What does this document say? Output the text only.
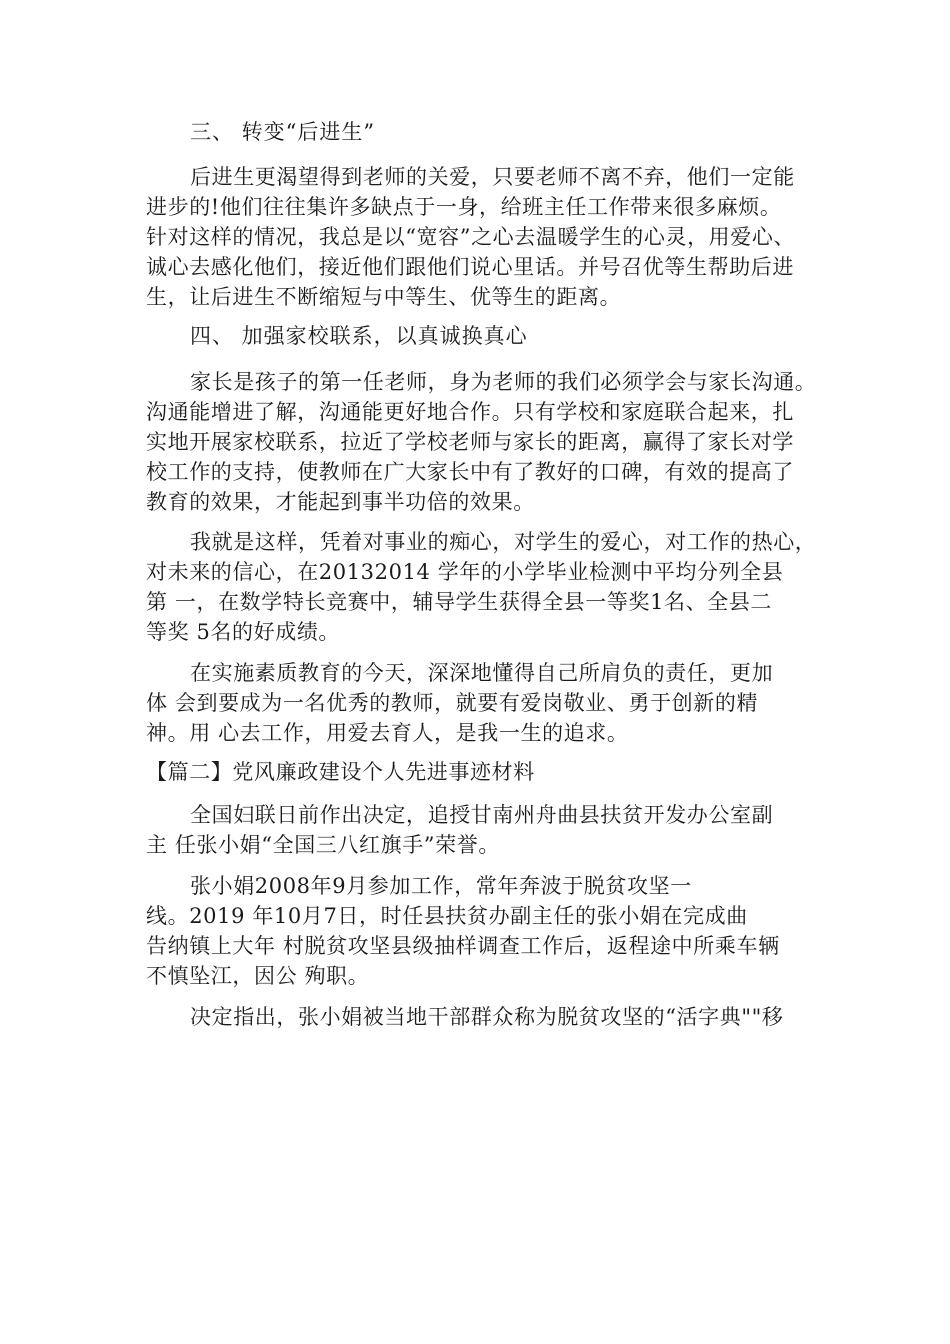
三、 转变“后进生”
后进生更渴望得到老师的关爱，只要老师不离不弃，他们一定能
进步的!他们往往集许多缺点于一身，给班主任工作带来很多麻烦。
针对这样的情况，我总是以“宽容”之心去温暖学生的心灵，用爱心、
诚心去感化他们，接近他们跟他们说心里话。并号召优等生帮助后进
生，让后进生不断缩短与中等生、优等生的距离。
四、 加强家校联系，以真诚换真心
家长是孩子的第一任老师，身为老师的我们必须学会与家长沟通。
沟通能增进了解，沟通能更好地合作。只有学校和家庭联合起来，扎
实地开展家校联系，拉近了学校老师与家长的距离，赢得了家长对学
校工作的支持，使教师在广大家长中有了教好的口碑，有效的提高了
教育的效果，才能起到事半功倍的效果。
我就是这样，凭着对事业的痴心，对学生的爱心，对工作的热心，
对未来的信心，在20132014 学年的小学毕业检测中平均分列全县
第 一，在数学特长竞赛中，辅导学生获得全县一等奖1名、全县二
等奖 5名的好成绩。
在实施素质教育的今天，深深地懂得自己所肩负的责任，更加
体 会到要成为一名优秀的教师，就要有爱岗敬业、勇于创新的精
神。用 心去工作，用爱去育人，是我一生的追求。
【篇二】党风廉政建设个人先进事迹材料
全国妇联日前作出决定，追授甘南州舟曲县扶贫开发办公室副
主 任张小娟“全国三八红旗手”荣誉。
张小娟2008年9月参加工作，常年奔波于脱贫攻坚一
线。2019 年10月7日，时任县扶贫办副主任的张小娟在完成曲
告纳镇上大年 村脱贫攻坚县级抽样调查工作后，返程途中所乘车辆
不慎坠江，因公 殉职。
决定指出，张小娟被当地干部群众称为脱贫攻坚的“活字典""移
